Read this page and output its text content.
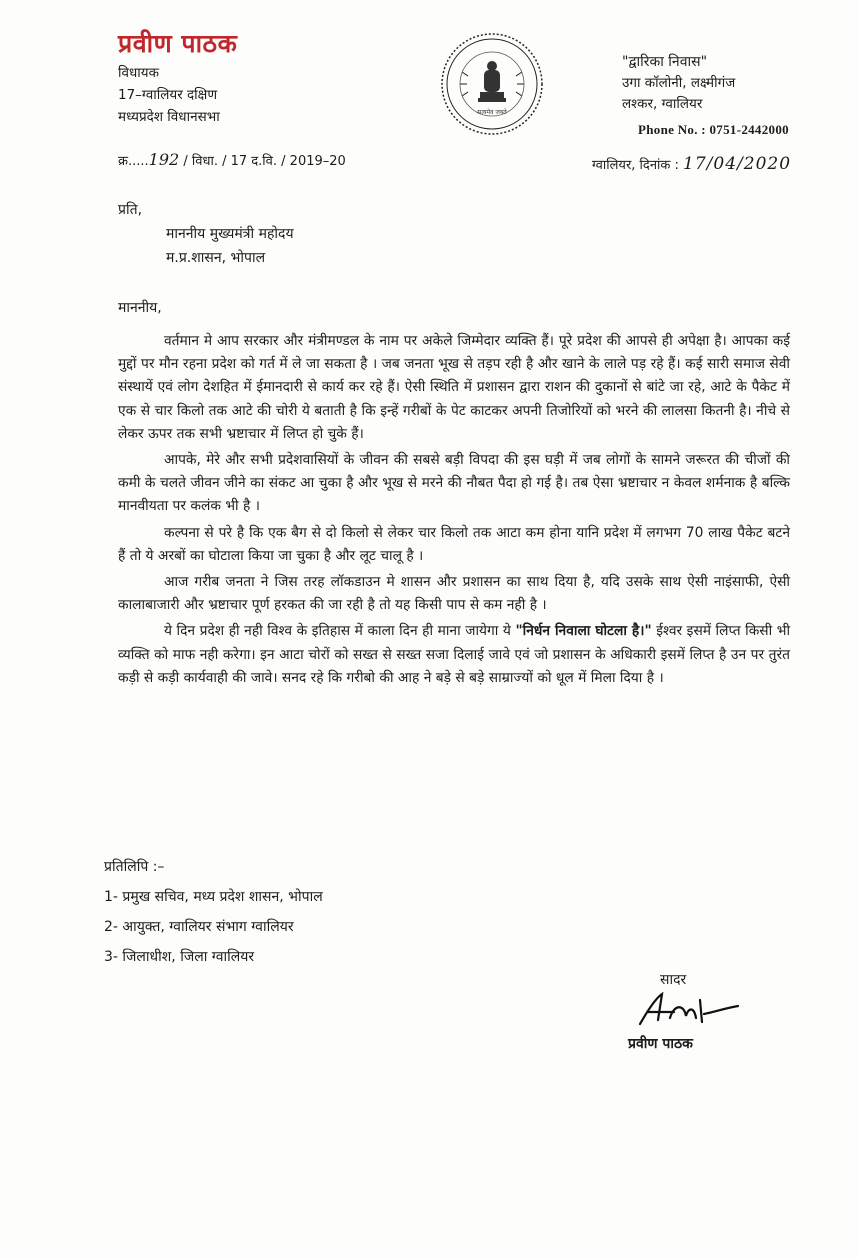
प्रवीण पाठक
विधायक
17–ग्वालियर दक्षिण
मध्यप्रदेश विधानसभा	सत्यमेव जयते
"द्वारिका निवास"
उगा कॉलोनी, लक्ष्मीगंज
लश्कर, ग्वालियर
Phone No. : 0751-2442000
क्र.....192 / विधा. / 17 द.वि. / 2019–20	ग्वालियर, दिनांक : 17/04/2020
प्रति,
माननीय मुख्यमंत्री महोदय
म.प्र.शासन, भोपाल
माननीय,

वर्तमान मे आप सरकार और मंत्रीमण्डल के नाम पर अकेले जिम्मेदार व्यक्ति हैं। पूरे प्रदेश की आपसे ही अपेक्षा है। आपका कई मुद्दों पर मौन रहना प्रदेश को गर्त में ले जा सकता है । जब जनता भूख से तड़प रही है और खाने के लाले पड़ रहे हैं। कई सारी समाज सेवी संस्थायें एवं लोग देशहित में ईमानदारी से कार्य कर रहे हैं। ऐसी स्थिति में प्रशासन द्वारा राशन की दुकानों से बांटे जा रहे, आटे के पैकेट में एक से चार किलो तक आटे की चोरी ये बताती है कि इन्हें गरीबों के पेट काटकर अपनी तिजोरियों को भरने की लालसा कितनी है। नीचे से लेकर ऊपर तक सभी भ्रष्टाचार में लिप्त हो चुके हैं।

आपके, मेरे और सभी प्रदेशवासियों के जीवन की सबसे बड़ी विपदा की इस घड़ी में जब लोगों के सामने जरूरत की चीजों की कमी के चलते जीवन जीने का संकट आ चुका है और भूख से मरने की नौबत पैदा हो गई है। तब ऐसा भ्रष्टाचार न केवल शर्मनाक है बल्कि मानवीयता पर कलंक भी है ।

कल्पना से परे है कि एक बैग से दो किलो से लेकर चार किलो तक आटा कम होना यानि प्रदेश में लगभग 70 लाख पैकेट बटने हैं तो ये अरबों का घोटाला किया जा चुका है और लूट चालू है ।

आज गरीब जनता ने जिस तरह लॉकडाउन मे शासन और प्रशासन का साथ दिया है, यदि उसके साथ ऐसी नाइंसाफी, ऐसी कालाबाजारी और भ्रष्टाचार पूर्ण हरकत की जा रही है तो यह किसी पाप से कम नही है ।

ये दिन प्रदेश ही नही विश्व के इतिहास में काला दिन ही माना जायेगा ये "निर्धन निवाला घोटला है।" ईश्वर इसमें लिप्त किसी भी व्यक्ति को माफ नही करेगा। इन आटा चोरों को सख्त से सख्त सजा दिलाई जावे एवं जो प्रशासन के अधिकारी इसमें लिप्त है उन पर तुरंत कड़ी से कड़ी कार्यवाही की जावे। सनद रहे कि गरीबो की आह ने बड़े से बड़े साम्राज्यों को धूल में मिला दिया है ।

प्रतिलिपि :–
1- प्रमुख सचिव, मध्य प्रदेश शासन, भोपाल
2- आयुक्त, ग्वालियर संभाग ग्वालियर
3- जिलाधीश, जिला ग्वालियर
सादर
प्रवीण पाठक
